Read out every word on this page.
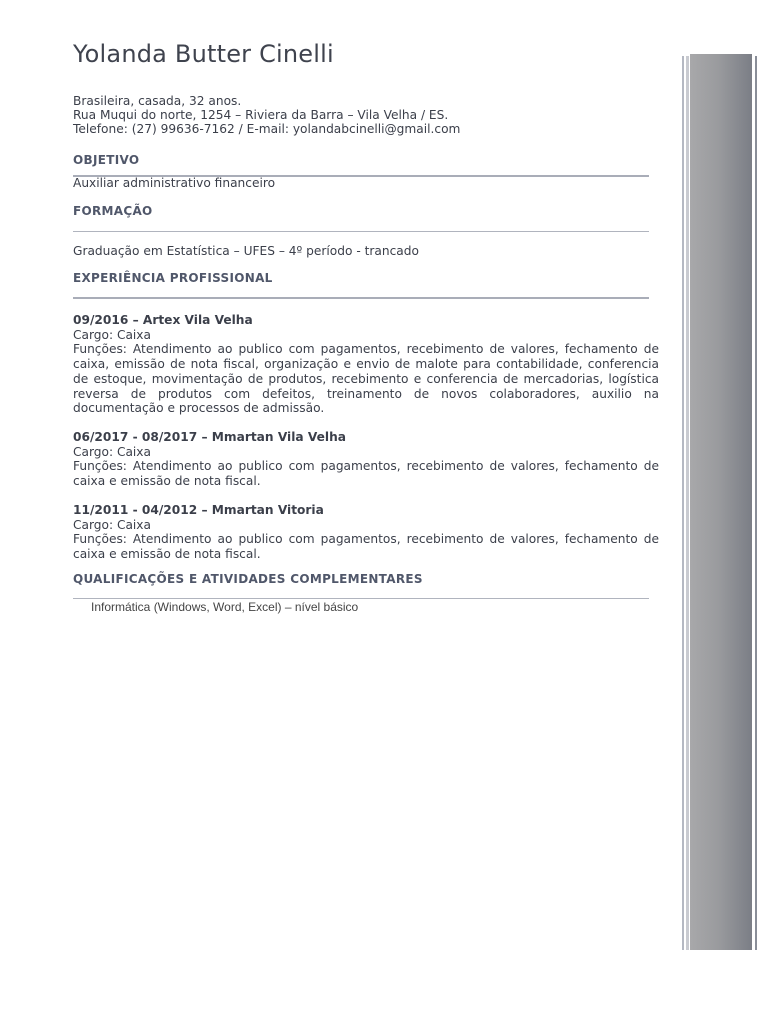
Yolanda Butter Cinelli
Brasileira, casada, 32 anos.
Rua Muqui do norte, 1254 – Riviera da Barra – Vila Velha / ES.
Telefone: (27) 99636-7162 / E-mail: yolandabcinelli@gmail.com
OBJETIVO
Auxiliar administrativo financeiro
FORMAÇÃO
Graduação em Estatística – UFES – 4º período - trancado
EXPERIÊNCIA PROFISSIONAL
09/2016 – Artex Vila Velha
Cargo: Caixa
Funções: Atendimento ao publico com pagamentos, recebimento de valores, fechamento de caixa, emissão de nota fiscal, organização e envio de malote para contabilidade, conferencia de estoque, movimentação de produtos, recebimento e conferencia de mercadorias, logística reversa de produtos com defeitos, treinamento de novos colaboradores, auxilio na documentação e processos de admissão.
06/2017 - 08/2017 – Mmartan Vila Velha
Cargo: Caixa
Funções: Atendimento ao publico com pagamentos, recebimento de valores, fechamento de caixa e emissão de nota fiscal.
11/2011 - 04/2012 – Mmartan Vitoria
Cargo: Caixa
Funções: Atendimento ao publico com pagamentos, recebimento de valores, fechamento de caixa e emissão de nota fiscal.
QUALIFICAÇÕES E ATIVIDADES COMPLEMENTARES
Informática (Windows, Word, Excel) – nível básico
